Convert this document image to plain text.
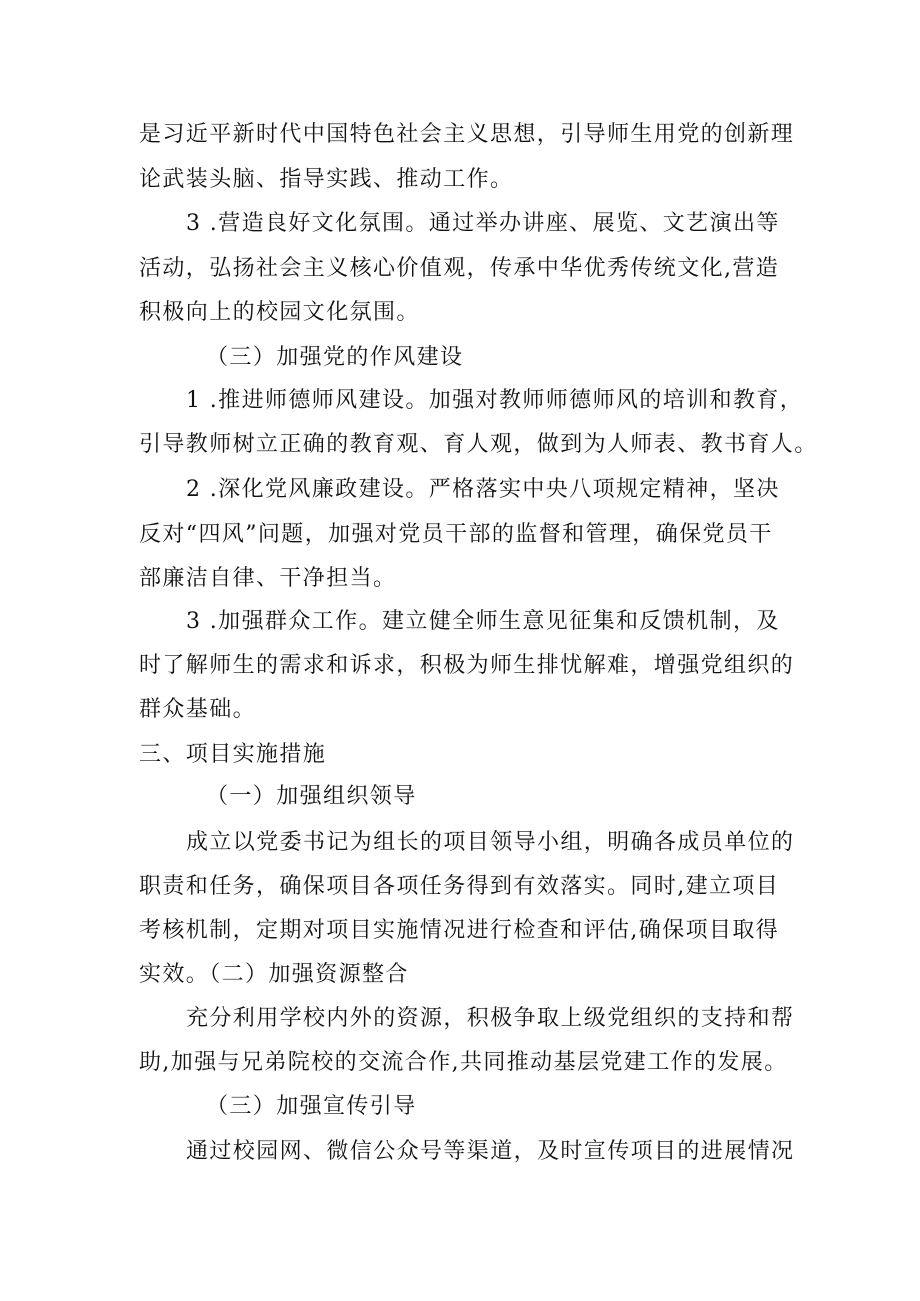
是习近平新时代中国特色社会主义思想，引导师生用党的创新理
论武装头脑、指导实践、推动工作。
3 .营造良好文化氛围。通过举办讲座、展览、文艺演出等
活动，弘扬社会主义核心价值观，传承中华优秀传统文化,营造
积极向上的校园文化氛围。
（三）加强党的作风建设
1 .推进师德师风建设。加强对教师师德师风的培训和教育，
引导教师树立正确的教育观、育人观，做到为人师表、教书育人。
2 .深化党风廉政建设。严格落实中央八项规定精神，坚决
反对“四风”问题，加强对党员干部的监督和管理，确保党员干
部廉洁自律、干净担当。
3 .加强群众工作。建立健全师生意见征集和反馈机制，及
时了解师生的需求和诉求，积极为师生排忧解难，增强党组织的
群众基础。
三、项目实施措施
（一）加强组织领导
成立以党委书记为组长的项目领导小组，明确各成员单位的
职责和任务，确保项目各项任务得到有效落实。同时,建立项目
考核机制，定期对项目实施情况进行检查和评估,确保项目取得
实效。（二）加强资源整合
充分利用学校内外的资源，积极争取上级党组织的支持和帮
助,加强与兄弟院校的交流合作,共同推动基层党建工作的发展。
（三）加强宣传引导
通过校园网、微信公众号等渠道，及时宣传项目的进展情况
